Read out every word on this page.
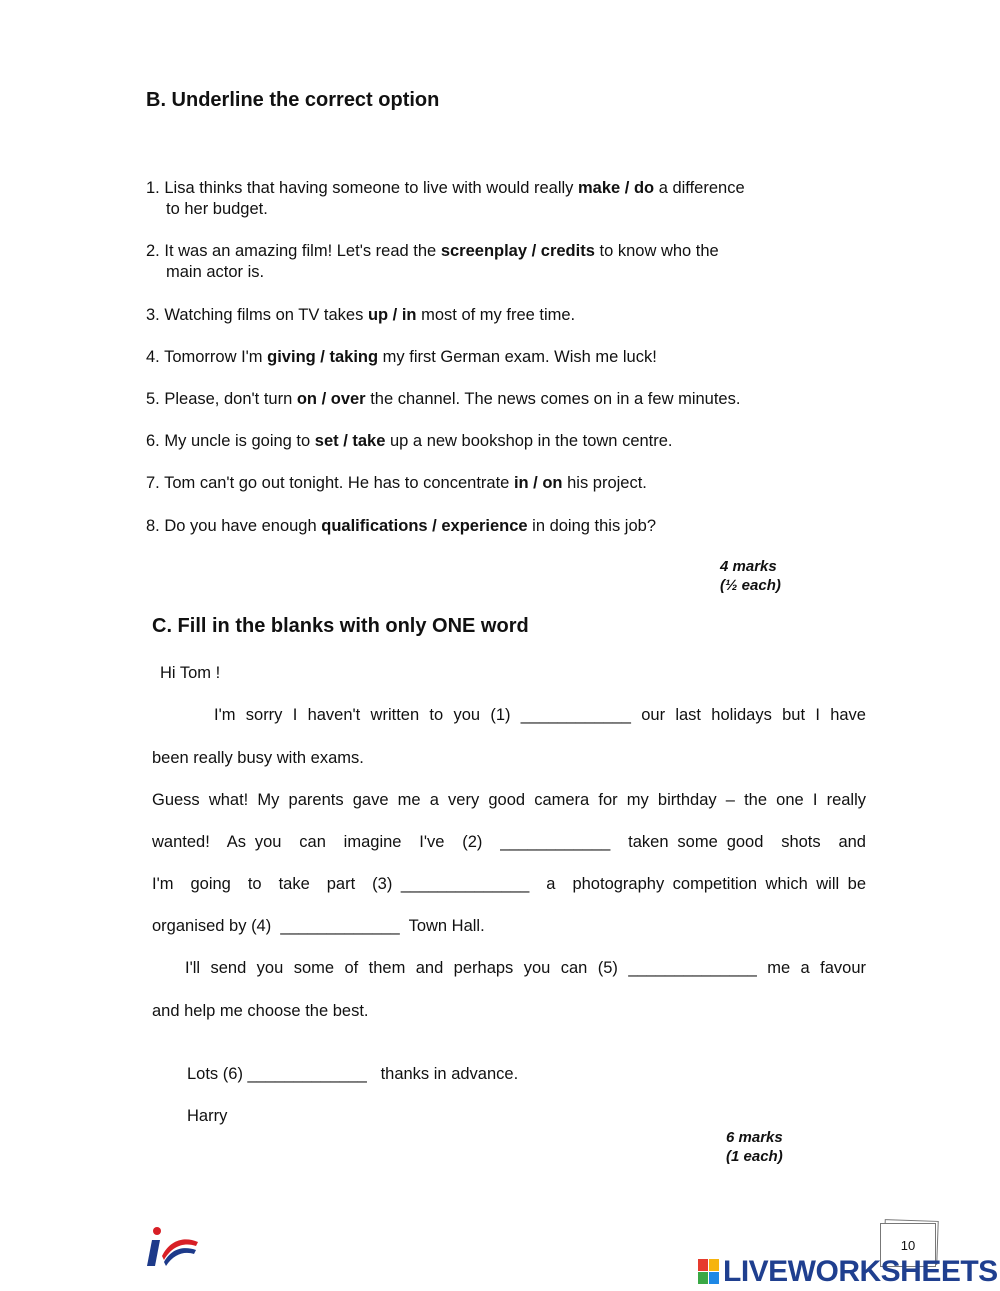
B. Underline the correct option
1. Lisa thinks that having someone to live with would really make / do a difference
to her budget.
2. It was an amazing film! Let's read the screenplay / credits to know who the
main actor is.
3. Watching films on TV takes up / in most of my free time.
4. Tomorrow I'm giving / taking my first German exam. Wish me luck!
5. Please, don't turn on / over the channel. The news comes on in a few minutes.
6. My uncle is going to set / take up a new bookshop in the town centre.
7. Tom can't go out tonight. He has to concentrate in / on his project.
8. Do you have enough qualifications / experience in doing this job?
4 marks
(½ each)
C. Fill in the blanks with only ONE word
Hi Tom !
I'm sorry I haven't written to you (1) ____________ our last holidays but I have
been really busy with exams.
Guess what! My parents gave me a very good camera for my birthday – the one I really
wanted!  As you  can  imagine  I've  (2)  ____________  taken some good  shots  and
I'm  going  to  take  part  (3) ______________  a  photography competition which will be
organised by (4)  _____________  Town Hall.
I'll send you some of them and perhaps you can (5) ______________ me a favour
and help me choose the best.
Lots (6) _____________   thanks in advance.
Harry
6 marks
(1 each)
10
LIVEWORKSHEETS
